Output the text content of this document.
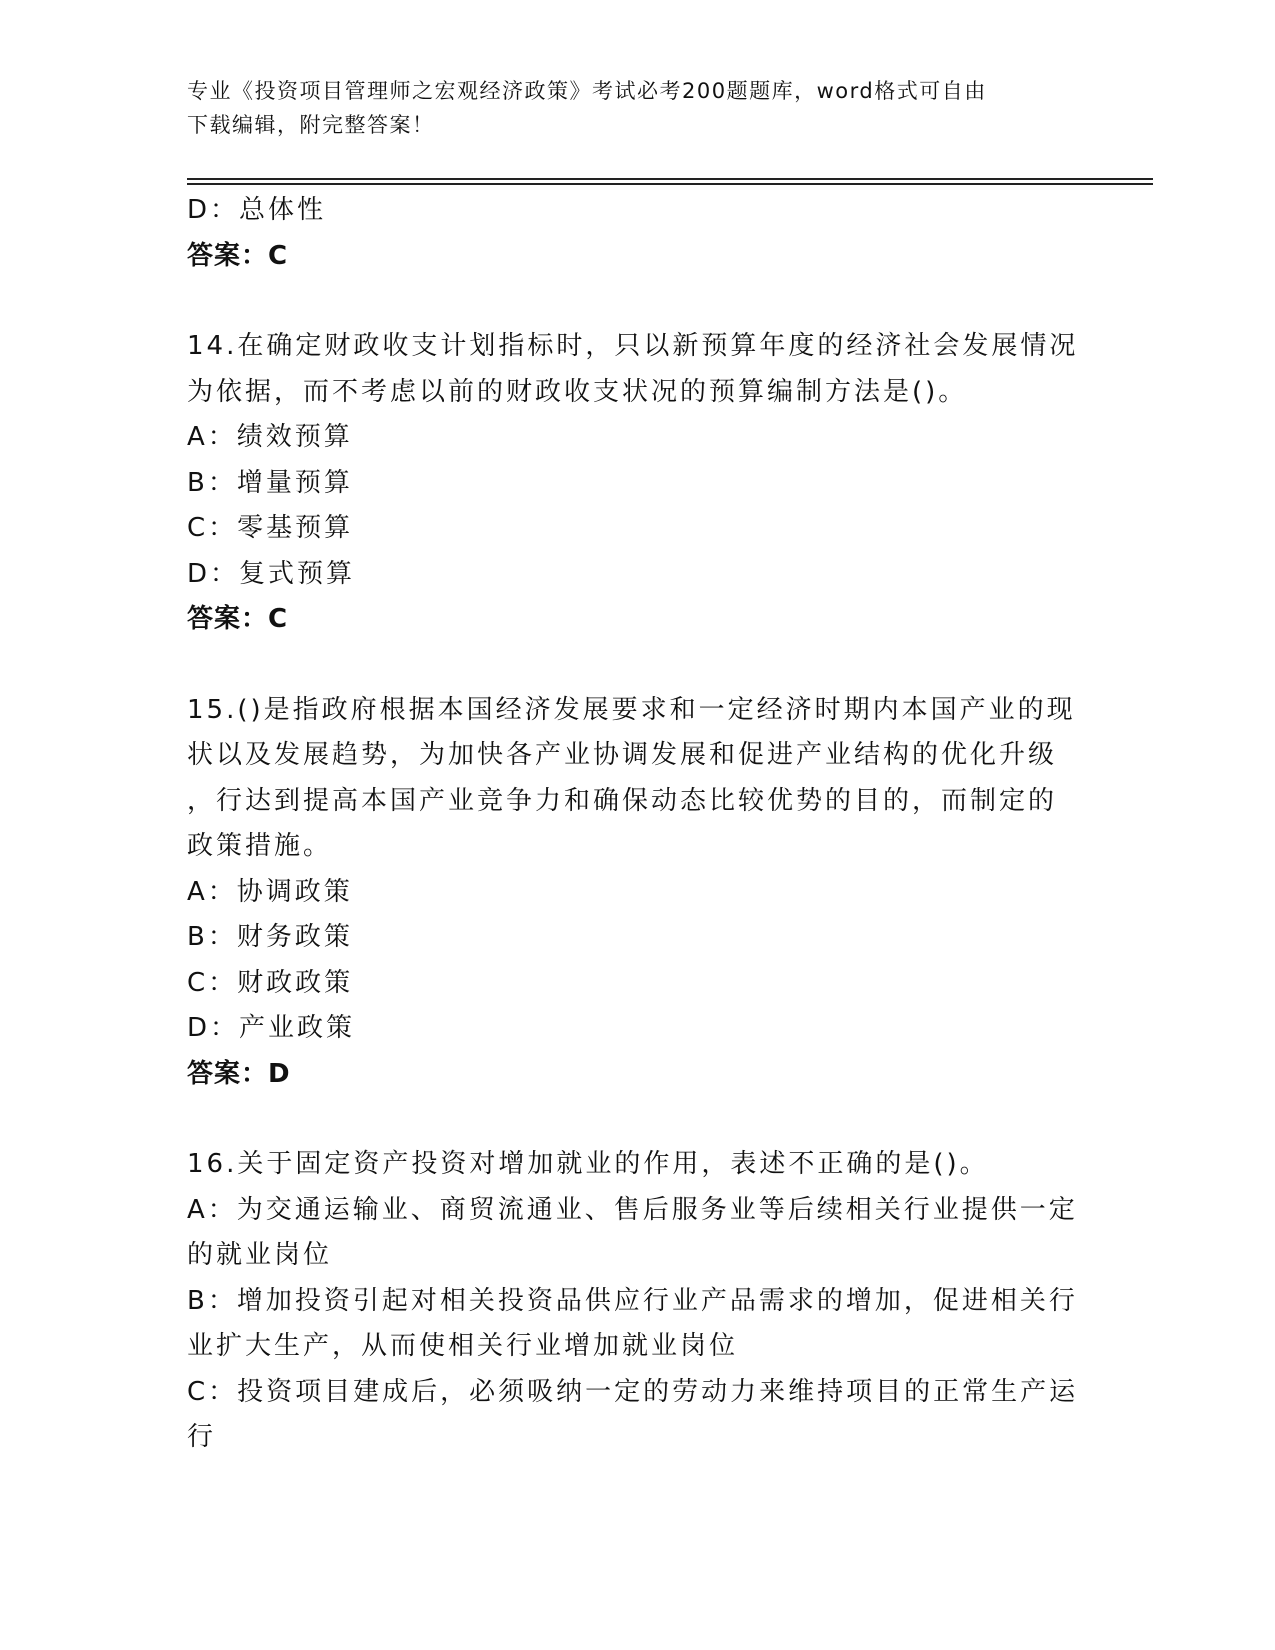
专业《投资项目管理师之宏观经济政策》考试必考200题题库，word格式可自由
下载编辑，附完整答案！
D：总体性
答案：C
14.在确定财政收支计划指标时，只以新预算年度的经济社会发展情况
为依据，而不考虑以前的财政收支状况的预算编制方法是()。
A：绩效预算
B：增量预算
C：零基预算
D：复式预算
答案：C
15.()是指政府根据本国经济发展要求和一定经济时期内本国产业的现
状以及发展趋势，为加快各产业协调发展和促进产业结构的优化升级
，行达到提高本国产业竞争力和确保动态比较优势的目的，而制定的
政策措施。
A：协调政策
B：财务政策
C：财政政策
D：产业政策
答案：D
16.关于固定资产投资对增加就业的作用，表述不正确的是()。
A：为交通运输业、商贸流通业、售后服务业等后续相关行业提供一定
的就业岗位
B：增加投资引起对相关投资品供应行业产品需求的增加，促进相关行
业扩大生产，从而使相关行业增加就业岗位
C：投资项目建成后，必须吸纳一定的劳动力来维持项目的正常生产运
行
